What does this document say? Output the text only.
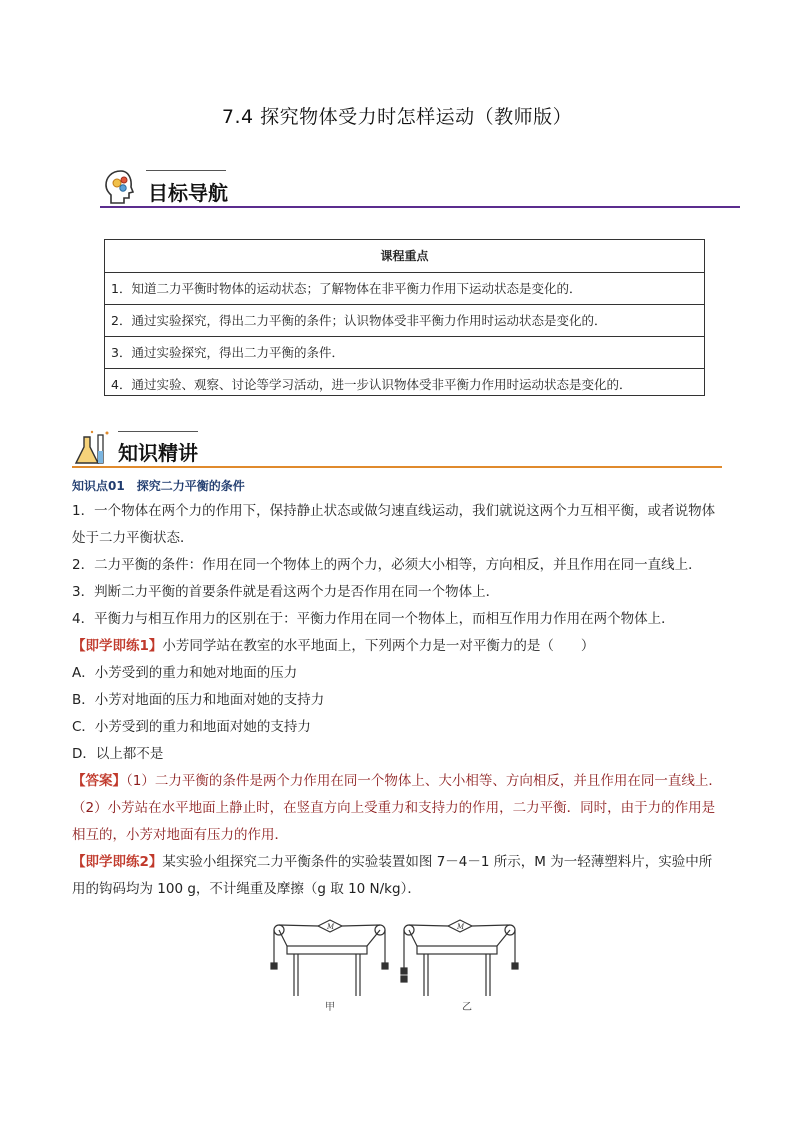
7.4 探究物体受力时怎样运动（教师版）
目标导航
课程重点
1．知道二力平衡时物体的运动状态；了解物体在非平衡力作用下运动状态是变化的．
2．通过实验探究，得出二力平衡的条件；认识物体受非平衡力作用时运动状态是变化的．
3．通过实验探究，得出二力平衡的条件．
4．通过实验、观察、讨论等学习活动，进一步认识物体受非平衡力作用时运动状态是变化的．
知识精讲

知识点01　探究二力平衡的条件

1．一个物体在两个力的作用下，保持静止状态或做匀速直线运动，我们就说这两个力互相平衡，或者说物体处于二力平衡状态．

2．二力平衡的条件：作用在同一个物体上的两个力，必须大小相等，方向相反，并且作用在同一直线上．

3．判断二力平衡的首要条件就是看这两个力是否作用在同一个物体上．

4．平衡力与相互作用力的区别在于：平衡力作用在同一个物体上，而相互作用力作用在两个物体上．

【即学即练1】小芳同学站在教室的水平地面上，下列两个力是一对平衡力的是（　　）

A．小芳受到的重力和她对地面的压力

B．小芳对地面的压力和地面对她的支持力

C．小芳受到的重力和地面对她的支持力

D．以上都不是

【答案】（1）二力平衡的条件是两个力作用在同一个物体上、大小相等、方向相反，并且作用在同一直线上．（2）小芳站在水平地面上静止时，在竖直方向上受重力和支持力的作用，二力平衡．同时，由于力的作用是相互的，小芳对地面有压力的作用．

【即学即练2】某实验小组探究二力平衡条件的实验装置如图 7－4－1 所示，M 为一轻薄塑料片，实验中所用的钩码均为 100 g，不计绳重及摩擦（g 取 10 N/kg）．

M	M
甲	乙
